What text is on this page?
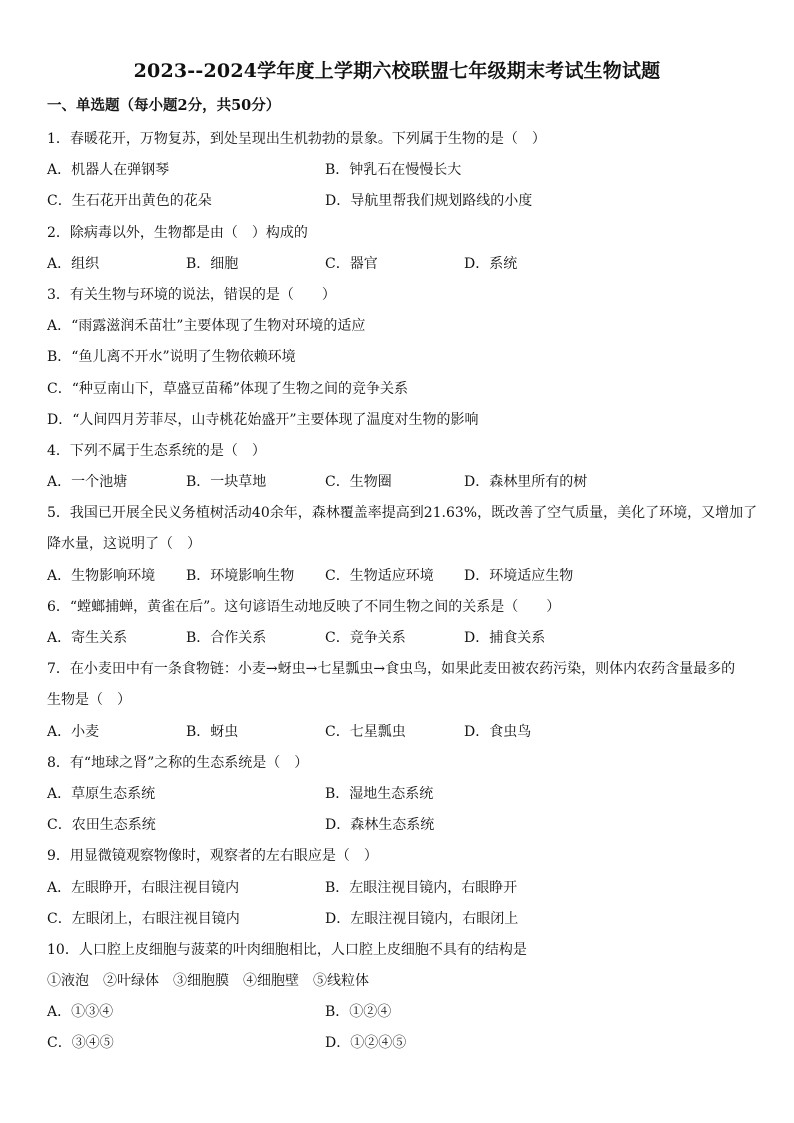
2023--2024学年度上学期六校联盟七年级期末考试生物试题
一、单选题（每小题2分，共50分）
1．春暖花开，万物复苏，到处呈现出生机勃勃的景象。下列属于生物的是（　）
A．机器人在弹钢琴	B．钟乳石在慢慢长大
C．生石花开出黄色的花朵	D．导航里帮我们规划路线的小度
2．除病毒以外，生物都是由（　）构成的
A．组织	B．细胞	C．器官	D．系统
3．有关生物与环境的说法，错误的是（　　）
A．“雨露滋润禾苗壮”主要体现了生物对环境的适应
B．“鱼儿离不开水”说明了生物依赖环境
C．“种豆南山下，草盛豆苗稀”体现了生物之间的竞争关系
D．“人间四月芳菲尽，山寺桃花始盛开”主要体现了温度对生物的影响
4．下列不属于生态系统的是（　）
A．一个池塘	B．一块草地	C．生物圈	D．森林里所有的树
5．我国已开展全民义务植树活动40余年，森林覆盖率提高到21.63%，既改善了空气质量，美化了环境，又增加了
降水量，这说明了（　）
A．生物影响环境 B．环境影响生物 C．生物适应环境 D．环境适应生物
6．“螳螂捕蝉，黄雀在后”。这句谚语生动地反映了不同生物之间的关系是（　　）
A．寄生关系	B．合作关系	C．竞争关系	D．捕食关系
7．在小麦田中有一条食物链：小麦→蚜虫→七星瓢虫→食虫鸟，如果此麦田被农药污染，则体内农药含量最多的
生物是（　）
A．小麦	B．蚜虫	C．七星瓢虫	D．食虫鸟
8．有“地球之肾”之称的生态系统是（　）
A．草原生态系统	B．湿地生态系统
C．农田生态系统	D．森林生态系统
9．用显微镜观察物像时，观察者的左右眼应是（　）
A．左眼睁开，右眼注视目镜内	B．左眼注视目镜内，右眼睁开
C．左眼闭上，右眼注视目镜内	D．左眼注视目镜内，右眼闭上
10．人口腔上皮细胞与菠菜的叶肉细胞相比，人口腔上皮细胞不具有的结构是
①液泡　②叶绿体　③细胞膜　④细胞壁　⑤线粒体
A．①③④	B．①②④
C．③④⑤	D．①②④⑤
